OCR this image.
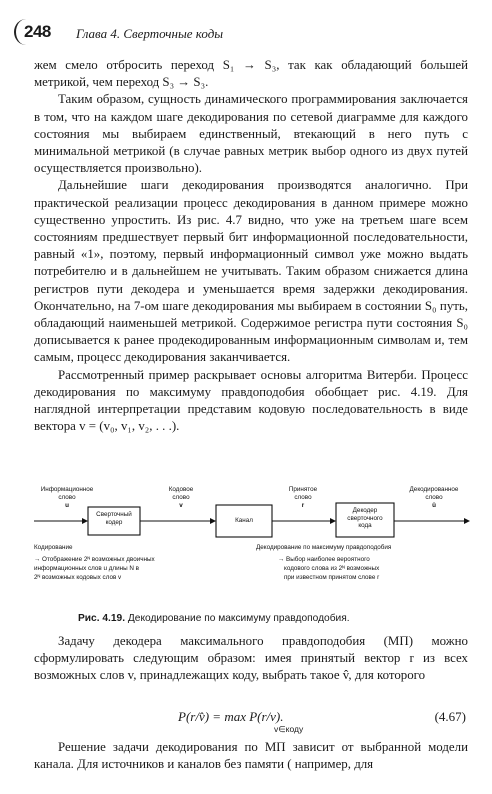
248 Глава 4. Сверточные коды

жем смело отбросить переход S₁ → S₃, так как обладающий большей метрикой, чем переход S₃ → S₃.

Таким образом, сущность динамического программирования заключается в том, что на каждом шаге декодирования по сетевой диаграмме для каждого состояния мы выбираем единственный, втекающий в него путь с минимальной метрикой (в случае равных метрик выбор одного из двух путей осуществляется произвольно).

Дальнейшие шаги декодирования производятся аналогично. При практической реализации процесс декодирования в данном примере можно существенно упростить. Из рис. 4.7 видно, что уже на третьем шаге всем состояниям предшествует первый бит информационной последовательности, равный «1», поэтому, первый информационный символ уже можно выдать потребителю и в дальнейшем не учитывать. Таким образом снижается длина регистров пути декодера и уменьшается время задержки декодирования. Окончательно, на 7-ом шаге декодирования мы выбираем в состоянии S₀ путь, обладающий наименьшей метрикой. Содержимое регистра пути состояния S₀ дописывается к ранее продекодированным информационным символам и, тем самым, процесс декодирования заканчивается.

Рассмотренный пример раскрывает основы алгоритма Витерби. Процесс декодирования по максимуму правдоподобия обобщает рис. 4.19. Для наглядной интерпретации представим кодовую последовательность в виде вектора v = (v₀, v₁, v₂, . . .).

Информационное
слово
u
Сверточный
кодер
Кодовое
слово
v
Канал
Принятое
слово
r
Декодер
сверточного
кода
Декодированное
слово
û
Кодирование
→ Отображение 2ᴺ возможных двоичных
информационных слов u длины N в
2ᴺ возможных кодовых слов v
Декодирование по максимуму правдоподобия
→ Выбор наиболее вероятного
кодового слова из 2ᴺ возможных
при известном принятом слове r
Рис. 4.19. Декодирование по максимуму правдоподобия.

Задачу декодера максимального правдоподобия (МП) можно сформулировать следующим образом: имея принятый вектор r из всех возможных слов v, принадлежащих коду, выбрать такое v̂, для которого

P(r/v̂) = max P(r/v).
v∈коду
(4.67)

Решение задачи декодирования по МП зависит от выбранной модели канала. Для источников и каналов без памяти ( например, для
